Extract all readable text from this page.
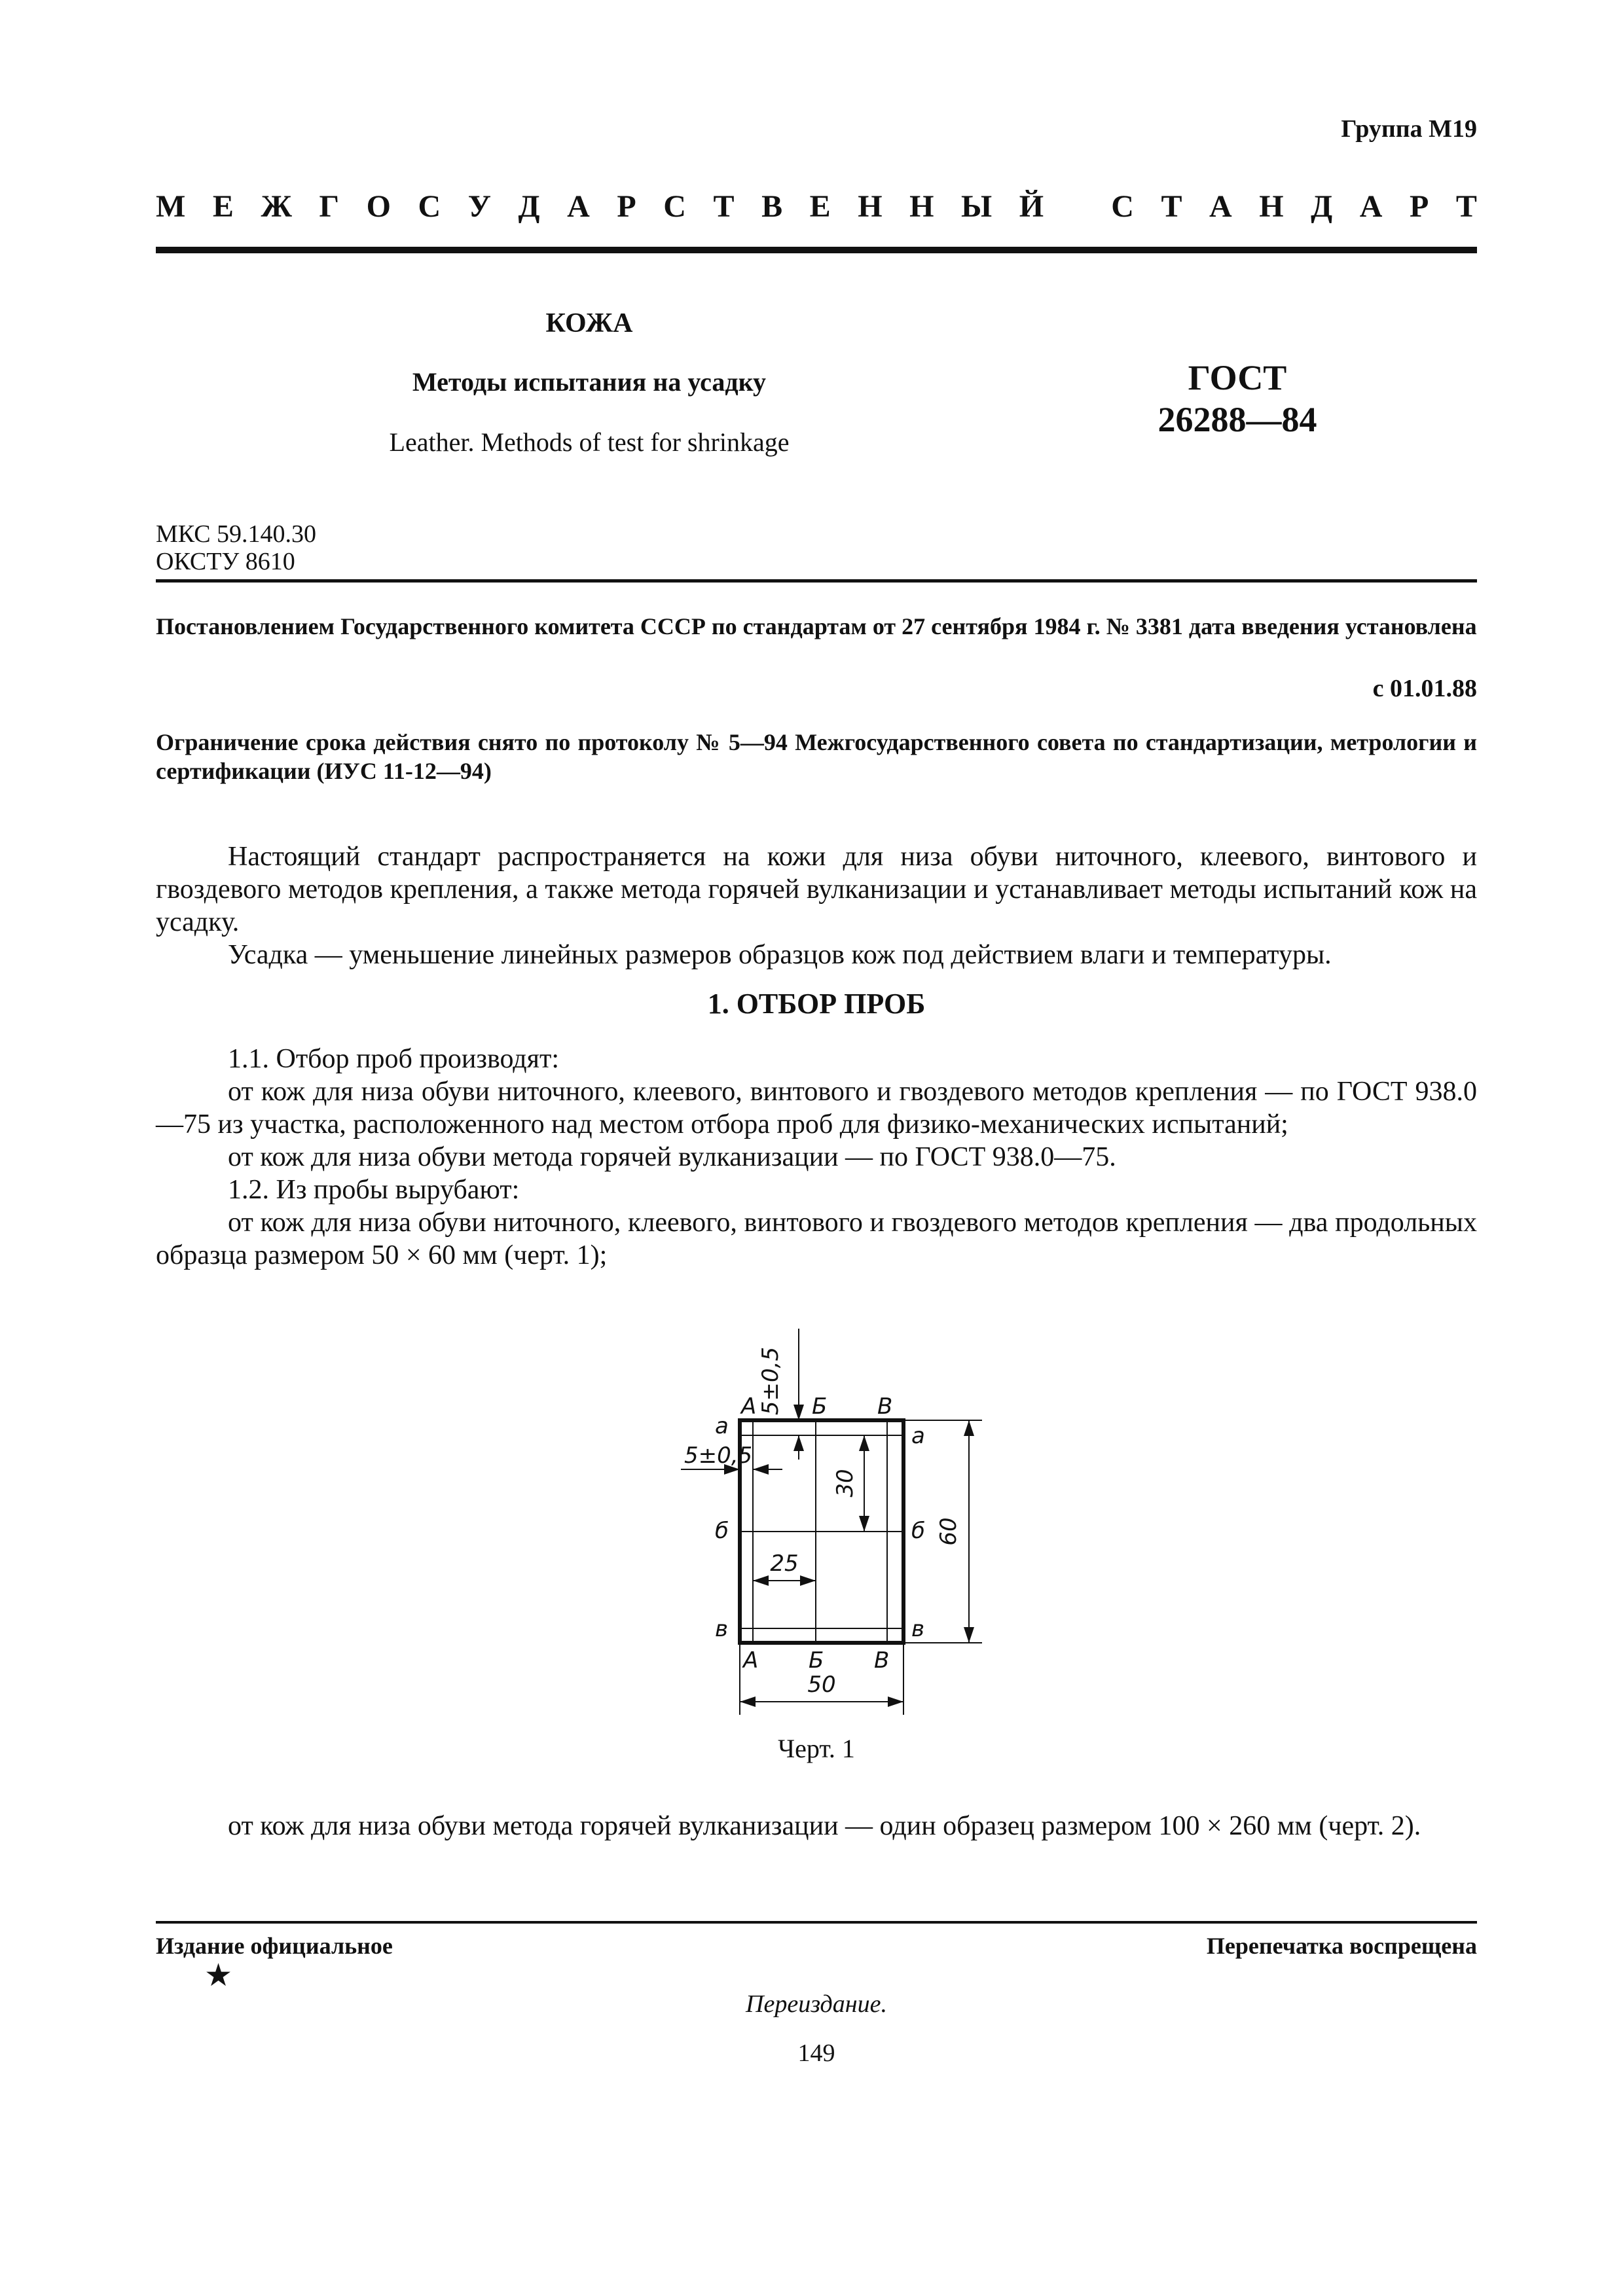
Группа М19
М Е Ж Г О С У Д А Р С Т В Е Н Н Ы Й С Т А Н Д А Р Т
КОЖА
Методы испытания на усадку
Leather. Methods of test for shrinkage
ГОСТ
26288—84
МКС 59.140.30
ОКСТУ 8610
Постановлением Государственного комитета СССР по стандартам от 27 сентября 1984 г. № 3381 дата введения установлена
с 01.01.88
Ограничение срока действия снято по протоколу № 5—94 Межгосударственного совета по стандартизации, метрологии и сертификации (ИУС 11-12—94)

Настоящий стандарт распространяется на кожи для низа обуви ниточного, клеевого, винтового и гвоздевого методов крепления, а также метода горячей вулканизации и устанавливает методы испытаний кож на усадку.

Усадка — уменьшение линейных размеров образцов кож под действием влаги и температуры.

1. ОТБОР ПРОБ

1.1. Отбор проб производят:

от кож для низа обуви ниточного, клеевого, винтового и гвоздевого методов крепления — по ГОСТ 938.0—75 из участка, расположенного над местом отбора проб для физико-механических испытаний;

от кож для низа обуви метода горячей вулканизации — по ГОСТ 938.0—75.

1.2. Из пробы вырубают:

от кож для низа обуви ниточного, клеевого, винтового и гвоздевого методов крепления — два продольных образца размером 50 × 60 мм (черт. 1);

5±0,5
5±0,5
30
25
60
50
А Б В
А Б В
а
б
в
а
б
в
Черт. 1

от кож для низа обуви метода горячей вулканизации — один образец размером 100 × 260 мм (черт. 2).

Издание официальное	Перепечатка воспрещена
★
Переиздание.
149
